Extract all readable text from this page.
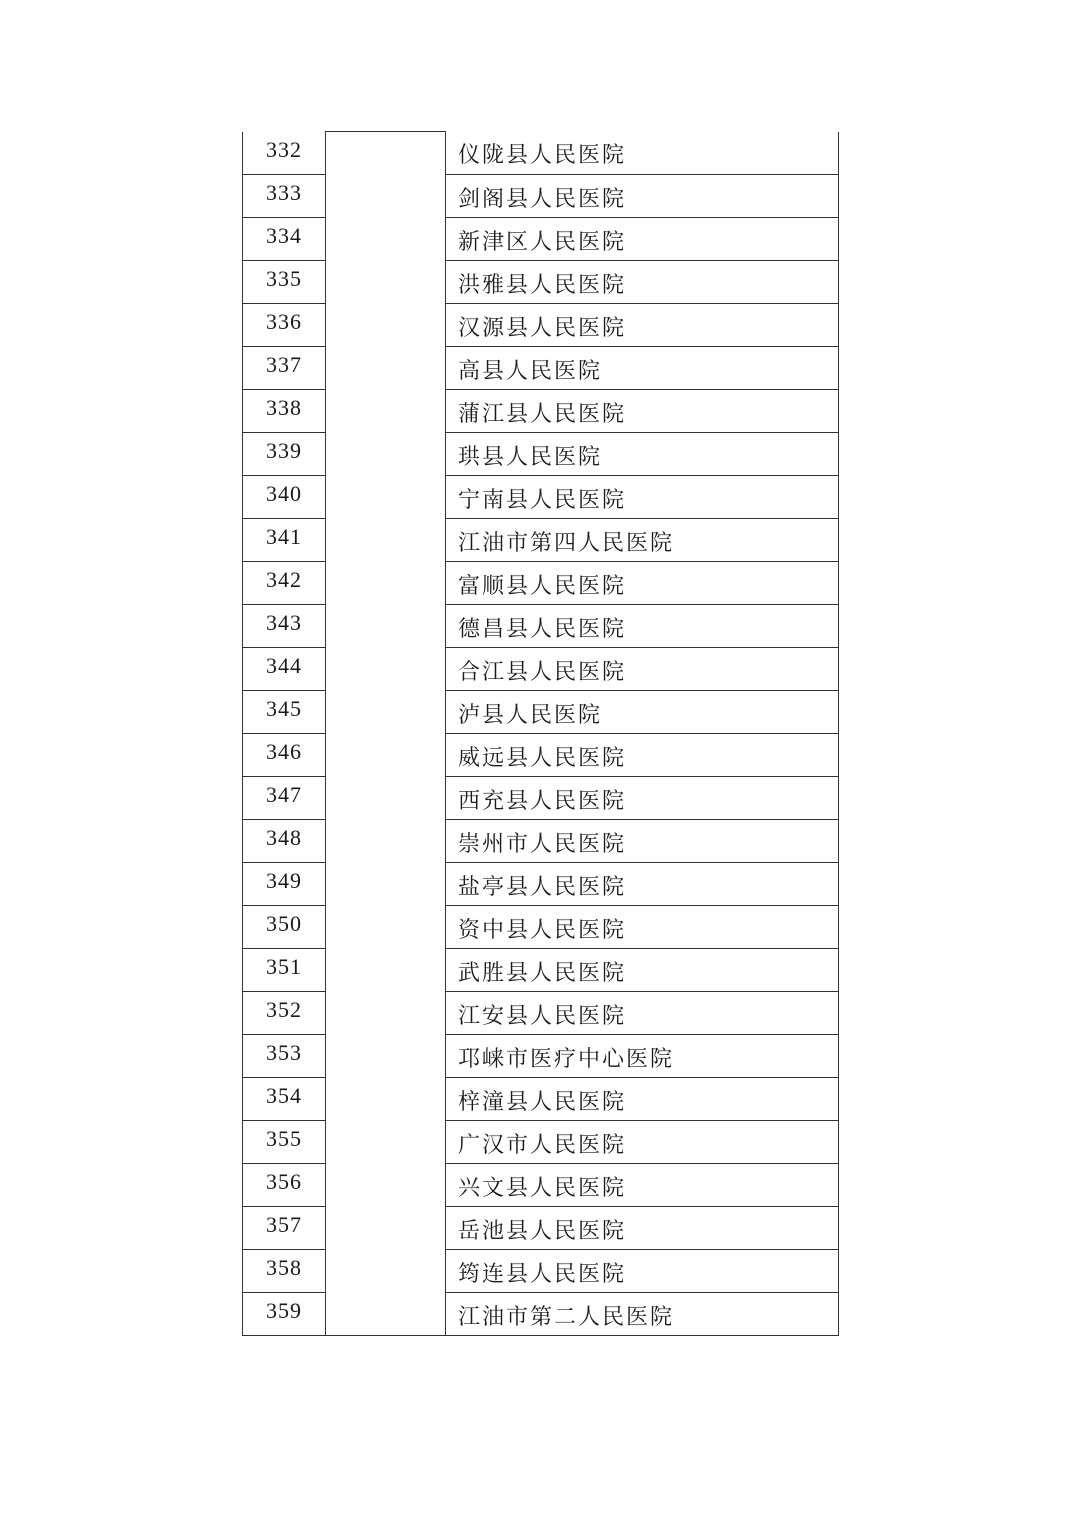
332		仪陇县人民医院
333		剑阁县人民医院
334		新津区人民医院
335		洪雅县人民医院
336		汉源县人民医院
337		高县人民医院
338		蒲江县人民医院
339		珙县人民医院
340		宁南县人民医院
341		江油市第四人民医院
342		富顺县人民医院
343		德昌县人民医院
344		合江县人民医院
345		泸县人民医院
346		威远县人民医院
347		西充县人民医院
348		崇州市人民医院
349		盐亭县人民医院
350		资中县人民医院
351		武胜县人民医院
352		江安县人民医院
353		邛崃市医疗中心医院
354		梓潼县人民医院
355		广汉市人民医院
356		兴文县人民医院
357		岳池县人民医院
358		筠连县人民医院
359		江油市第二人民医院
